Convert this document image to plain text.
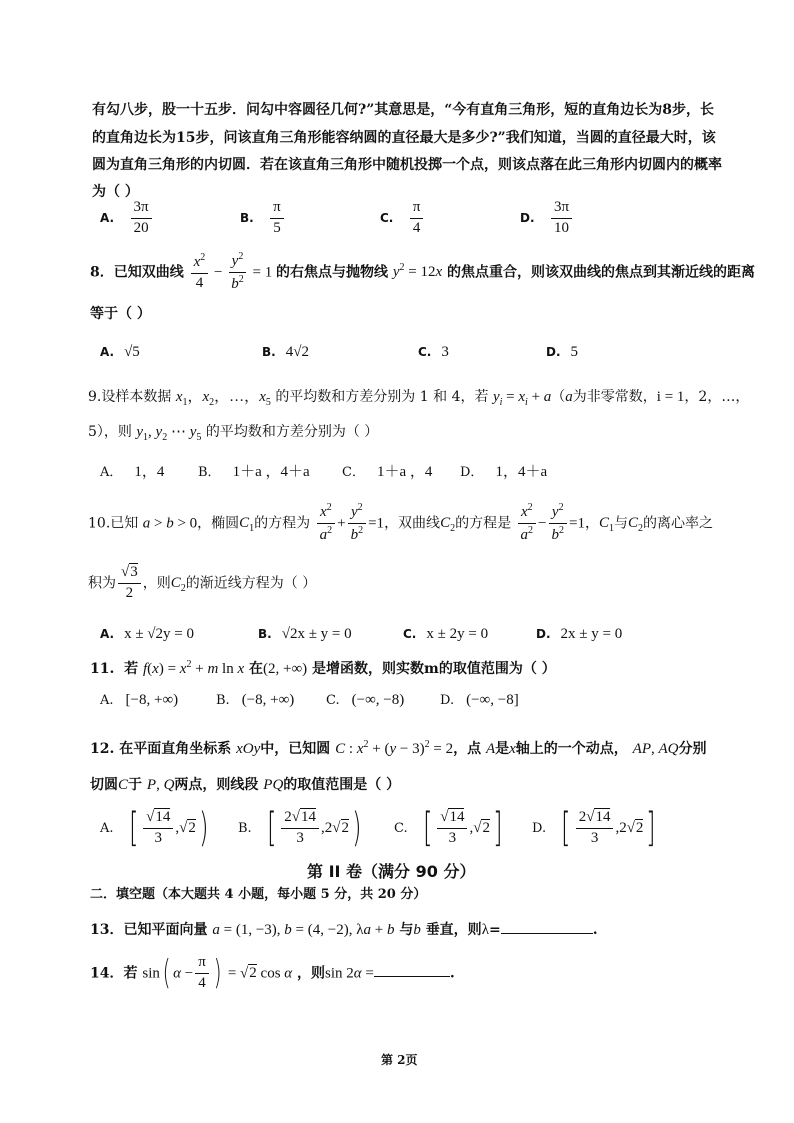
有勾八步，股一十五步．问勾中容圆径几何?”其意思是，“今有直角三角形，短的直角边长为8步，长
的直角边长为15步，问该直角三角形能容纳圆的直径最大是多少?”我们知道，当圆的直径最大时，该
圆为直角三角形的内切圆．若在该直角三角形中随机投掷一个点，则该点落在此三角形内切圆内的概率
为（ ）
A. $\frac{3\pi}{20}$	B. $\frac{\pi}{5}$	C. $\frac{\pi}{4}$	D. $\frac{3\pi}{10}$
8．已知双曲线 $\frac{x^2}{4} - \frac{y^2}{b^2} = 1$ 的右焦点与抛物线 $y^2 = 12x$ 的焦点重合，则该双曲线的焦点到其渐近线的距离
等于（ ）
A. √5	B. 4√2	C. 3	D. 5
9.设样本数据 $x_1$，$x_2$，…，$x_5$ 的平均数和方差分别为 1 和 4，若 $y_i = x_i + a(a$为非零常数，i = 1，2，…，
5），则 $y_1$, $y_2$ ⋯ $y_5$ 的平均数和方差分别为（ ）
A． 1，4	B． 1＋a ，4＋a C． 1＋a ，4 D． 1，4＋a
10.已知 a > b > 0，椭圆$C_1$的方程为 $\frac{x^2}{a^2} + \frac{y^2}{b^2} =1$，双曲线$C_2$的方程是 $\frac{x^2}{a^2} - \frac{y^2}{b^2} =1$，$C_1$与$C_2$的离心率之
积为 $\frac{√3}{2}$ ，则$C_2$的渐近线方程为（ ）
A. x ± √2y = 0	B. √2x ± y = 0	C. x ± 2y = 0	D. 2x ± y = 0
11. 若 $f(x) = x^2 + m$ ln x 在(2, +∞) 是增函数，则实数m的取值范围为（ ）
A. [−8, +∞)	B. (−8, +∞) C. (−∞, −8)	D. (−∞, −8]
12. 在平面直角坐标系 xOy中，已知圆 C : $x^2 + (y - 3)^2 = 2$，点 A是x轴上的一个动点， AP, AQ分别
切圆C于 P, Q两点，则线段 PQ的取值范围是（ ）
A. [ $\frac{√14}{3} ,√2$) B. [ $\frac{2√14}{3} ,2√2$) C. [ $\frac{√14}{3} ,√2$] D. [ $\frac{2√14}{3} ,2√2$]
第 II 卷（满分 90 分）
二．填空题（本大题共 4 小题，每小题 5 分，共 20 分）
13．已知平面向量 a = (1, −3), b = (4, −2), λa + b 与b 垂直，则λ=	.
14．若 sin( $\alpha - \frac{\pi}{4}$ ) = √2 cos α ，则sin 2α =	.
第 2页
